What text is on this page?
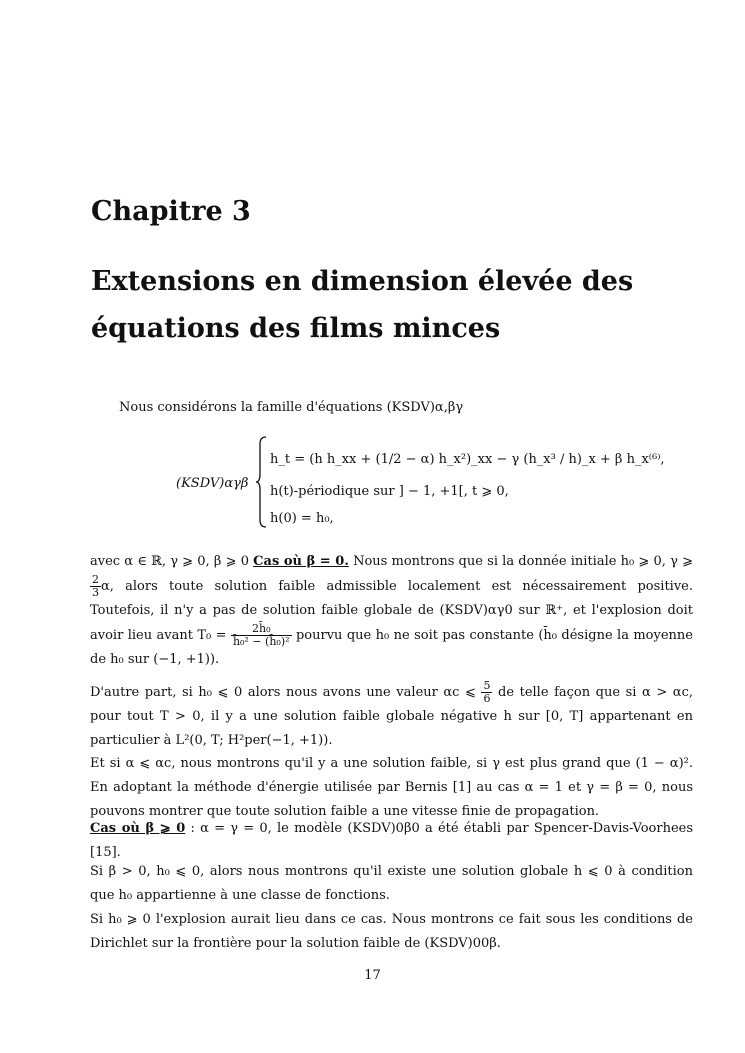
Chapitre 3
Extensions en dimension élevée des
équations des films minces
Nous considérons la famille d'équations (KSDV)α,βγ
(KSDV)αγβ
h_t = (h h_xx + (1/2 − α) h_x²)_xx − γ (h_x³ / h)_x + β h_x⁽⁶⁾,
h(t)-périodique sur ] − 1, +1[, t ⩾ 0,
h(0) = h₀,
avec α ∈ ℝ, γ ⩾ 0, β ⩾ 0 Cas où β = 0. Nous montrons que si la donnée initiale h₀ ⩾ 0, γ ⩾
$\frac{2}{3} \alpha$, alors toute solution faible admissible localement est nécessairement positive. Toutefois, il n'y a pas de solution faible globale de (KSDV)αγ0 sur ℝ⁺, et l'explosion doit avoir lieu avant $T_0 = \frac{\text{2h̄₀}}{\text{h̄₀² − (h̄₀)²}}$ pourvu que h₀ ne soit pas constante (h̄₀ désigne la moyenne de h₀ sur (−1, +1)).
D'autre part, si h₀ ⩽ 0 alors nous avons une valeur αc ⩽ $\frac{5}{6}$ de telle façon que si α > αc, pour tout T > 0, il y a une solution faible globale négative h sur [0, T] appartenant en particulier à L²(0, T; H²per(−1, +1)).
Et si α ⩽ αc, nous montrons qu'il y a une solution faible, si γ est plus grand que (1 − α)². En adoptant la méthode d'énergie utilisée par Bernis [1] au cas α = 1 et γ = β = 0, nous pouvons montrer que toute solution faible a une vitesse finie de propagation.
Cas où β ⩾ 0 : α = γ = 0, le modèle (KSDV)0β0 a été établi par Spencer-Davis-Voorhees [15].
Si β > 0, h₀ ⩽ 0, alors nous montrons qu'il existe une solution globale h ⩽ 0 à condition que h₀ appartienne à une classe de fonctions.
Si h₀ ⩾ 0 l'explosion aurait lieu dans ce cas. Nous montrons ce fait sous les conditions de Dirichlet sur la frontière pour la solution faible de (KSDV)00β.
17
